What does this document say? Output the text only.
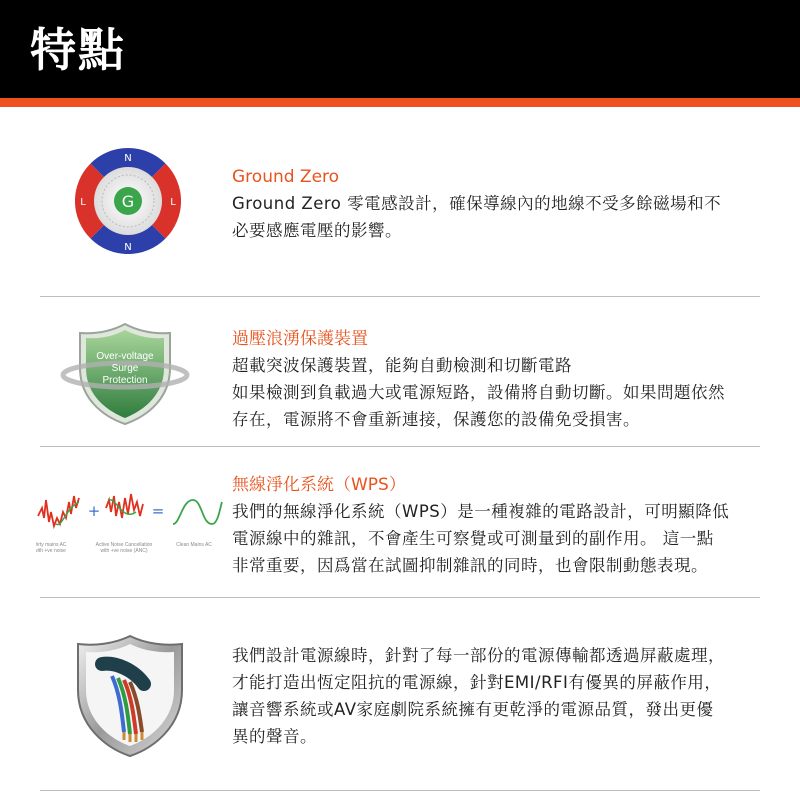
特點
G
N
N
L	L
Ground Zero

Ground Zero 零電感設計，確保導線內的地線不受多餘磁場和不
必要感應電壓的影響。

Over-voltage
Surge
Protection
過壓浪湧保護裝置

超載突波保護裝置，能夠自動檢測和切斷電路
如果檢測到負載過大或電源短路，設備將自動切斷。如果問題依然
存在，電源將不會重新連接，保護您的設備免受損害。

+	=
Dirty mains AC
with +ve noise
Active Noise Cancellation
with +ve noise (ANC)
Clean Mains AC
無線淨化系統（WPS）

我們的無線淨化系統（WPS）是一種複雜的電路設計，可明顯降低
電源線中的雜訊，不會產生可察覺或可測量到的副作用。 這一點
非常重要，因爲當在試圖抑制雜訊的同時，也會限制動態表現。

我們設計電源線時，針對了每一部份的電源傳輸都透過屏蔽處理，
才能打造出恆定阻抗的電源線，針對EMI/RFI有優異的屏蔽作用，
讓音響系統或AV家庭劇院系統擁有更乾淨的電源品質，發出更優
異的聲音。
